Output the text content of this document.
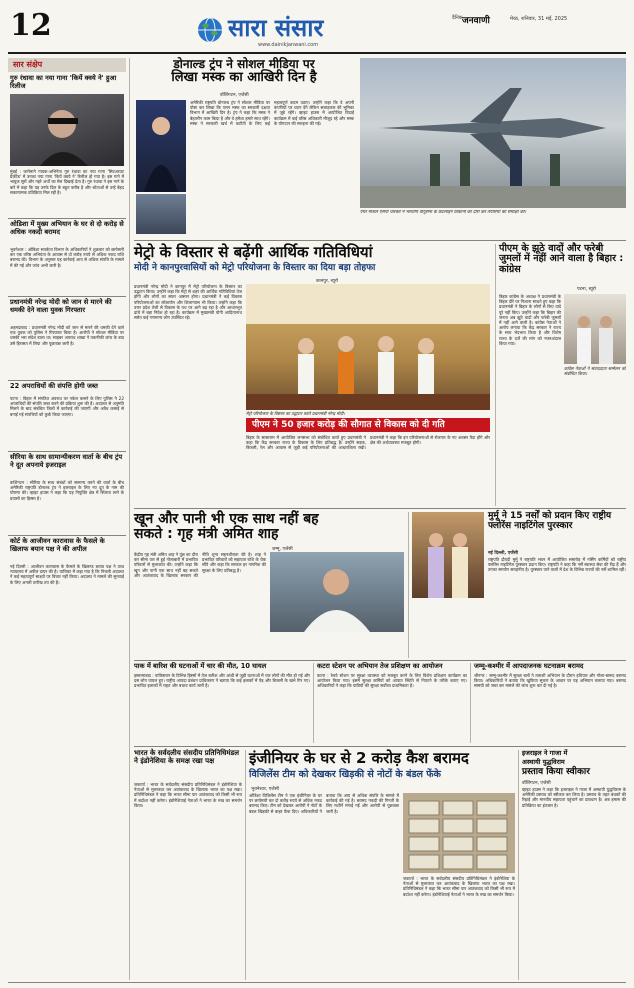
12	सारा संसार
www.dainikjanwani.com
दैनिक जनवाणी	मेरठ, शनिवार, 31 मई, 2025
सार संक्षेप
गुरु रंधावा का नया गाना 'कियें क्वये ने' हुआ रिलीज
मुंबई : जानेमाने गायक-अभिनेता गुरु रंधावा का नया गाना 'सिटअरउट प्रेज़ेंटेड' में उनका नया गाना 'कियें क्वये ने' रिलीज हो गया है। इस गाने में भावुक सुरों और गहरे अर्थों का मेल दिखाई देता है। गुरु रंधावा ने इस गाने के बारे में कहा कि यह उनके दिल के बहुत करीब है और श्रोताओं से उन्हें बेहद सकारात्मक प्रतिक्रिया मिल रही है।
ओडिशा में मुख्य अभियान के घर से दो करोड़ से अधिक नकदी बरामद
भुवनेश्वर : ओडिशा सतर्कता विभाग के अधिकारियों ने शुक्रवार को छापेमारी कर एक वरिष्ठ अभियंता के आवास से दो करोड़ रुपये से अधिक नकद राशि बरामद की। विभाग के अनुसार यह कार्रवाई आय से अधिक संपत्ति के मामले में की गई और जांच अभी जारी है।
प्रधानमंत्री नरेन्द्र मोदी को जान से मारने की धमकी देने वाला युवक गिरफ्तार
अहमदाबाद : प्रधानमंत्री नरेन्द्र मोदी को जान से मारने की धमकी देने वाले एक युवक को पुलिस ने गिरफ्तार किया है। आरोपी ने सोशल मीडिया पर धमकी भरा संदेश डाला था। साइबर अपराध शाखा ने तकनीकी जांच के बाद उसे हिरासत में लिया और पूछताछ जारी है।
22 अपराधियों की संपत्ति होगी जब्त
पटना : बिहार में संगठित अपराध पर नकेल कसने के लिए पुलिस ने 22 अपराधियों की संपत्ति जब्त करने की प्रक्रिया शुरू की है। अदालत से अनुमति मिलने के बाद संबंधित जिलों में कार्रवाई की जाएगी और अवैध कमाई से बनाई गई संपत्तियों को कुर्क किया जाएगा।
सीरिया के साथ सामान्यीकरण वार्ता के बीच ट्रंप ने दूत अपनाये इजराइल
वाशिंगटन : सीरिया के साथ संबंधों को सामान्य करने की वार्ता के बीच अमेरिकी राष्ट्रपति डोनाल्ड ट्रंप ने इजराइल के लिए नए दूत के नाम की घोषणा की। व्हाइट हाउस ने कहा कि यह नियुक्ति क्षेत्र में स्थिरता लाने के प्रयासों का हिस्सा है।
कोर्ट के आजीवन कारावास के फैसले के खिलाफ बयान पक्ष ने की अपील
नई दिल्ली : आजीवन कारावास के फैसले के खिलाफ बचाव पक्ष ने उच्च न्यायालय में अपील दायर की है। याचिका में कहा गया है कि निचली अदालत ने कई महत्वपूर्ण साक्ष्यों पर विचार नहीं किया। अदालत ने मामले की सुनवाई के लिए अगली तारीख तय की है।
डोनाल्ड ट्रंप ने सोशल मीडिया पर
लिखा मस्क का आखिरी दिन है
वॉशिंगटन, एजेंसी
अमेरिकी राष्ट्रपति डोनाल्ड ट्रंप ने सोशल मीडिया पर पोस्ट कर लिखा कि एलन मस्क का सरकारी दक्षता विभाग में आखिरी दिन है। ट्रंप ने कहा कि मस्क ने बेहतरीन काम किया है और वे हमेशा हमारे साथ रहेंगे। मस्क ने सरकारी खर्च में कटौती के लिए कई महत्वपूर्ण कदम उठाए। उन्होंने कहा कि वे अपनी कंपनियों पर ध्यान देंगे लेकिन सलाहकार की भूमिका में जुड़े रहेंगे। व्हाइट हाउस में आयोजित विदाई कार्यक्रम में कई वरिष्ठ अधिकारी मौजूद रहे और मस्क के योगदान की सराहना की गई।
एयर मार्शल एसपी धारकर ने भारतीय वायुसेना के फ्रंटलाइन ठिकानों का दौरा कर तैयारियों की समीक्षा की।
मेट्रो के विस्तार से बढ़ेंगी आर्थिक गतिविधियां
मोदी ने कानपुरवासियों को मेट्रो परियोजना के विस्तार का दिया बड़ा तोहफा
कानपुर, ब्यूरो
प्रधानमंत्री नरेन्द्र मोदी ने कानपुर में मेट्रो परियोजना के विस्तार का उद्घाटन किया। उन्होंने कहा कि मेट्रो से शहर की आर्थिक गतिविधियां तेज होंगी और लोगों का सफर आसान होगा। प्रधानमंत्री ने कई विकास परियोजनाओं का लोकार्पण और शिलान्यास भी किया। उन्होंने कहा कि उत्तर प्रदेश तेजी से विकास के पथ पर आगे बढ़ रहा है और आधारभूत ढांचे में बड़ा निवेश हो रहा है। कार्यक्रम में मुख्यमंत्री योगी आदित्यनाथ समेत कई गणमान्य लोग उपस्थित रहे।
मेट्रो परियोजना के विस्तार का उद्घाटन करते प्रधानमंत्री नरेन्द्र मोदी।
पीएम ने 50 हजार करोड़ की सौगात से विकास को दी गति
बिहार के सासाराम में आयोजित जनसभा को संबोधित करते हुए प्रधानमंत्री ने कहा कि केंद्र सरकार राज्य के विकास के लिए प्रतिबद्ध है। उन्होंने सड़क, बिजली, रेल और आवास से जुड़ी कई परियोजनाओं की आधारशिला रखी। प्रधानमंत्री ने कहा कि इन परियोजनाओं से रोजगार के नए अवसर पैदा होंगे और क्षेत्र की अर्थव्यवस्था मजबूत होगी।
पीएम के झूठे वादों और फरेबी जुमलों में नहीं आने वाला है बिहार : कांग्रेस
पटना, ब्यूरो
बिहार कांग्रेस के अध्यक्ष ने प्रधानमंत्री के बिहार दौरे पर निशाना साधते हुए कहा कि प्रधानमंत्री ने बिहार के लोगों से किए वादे पूरे नहीं किए। उन्होंने कहा कि बिहार की जनता अब झूठे वादों और फरेबी जुमलों में नहीं आने वाली है। कांग्रेस नेताओं ने आरोप लगाया कि केंद्र सरकार ने राज्य के साथ भेदभाव किया है और विशेष राज्य के दर्जे की मांग को नजरअंदाज किया गया।
कांग्रेस नेताओं ने संवाददाता सम्मेलन को संबोधित किया।
खून और पानी भी एक साथ नहीं बह
सकते : गृह मंत्री अमित शाह
जम्मू, एजेंसी
केंद्रीय गृह मंत्री अमित शाह ने पुंछ का दौरा कर सीमा पार से हुई गोलाबारी में प्रभावित परिवारों से मुलाकात की। उन्होंने कहा कि खून और पानी एक साथ नहीं बह सकते और आतंकवाद के खिलाफ सरकार की नीति शून्य सहनशीलता की है। शाह ने प्रभावित परिवारों को सहायता राशि के चेक सौंपे और कहा कि सरकार हर नागरिक की सुरक्षा के लिए प्रतिबद्ध है।
मुर्मू ने 15 नर्सों को प्रदान किए राष्ट्रीय फ्लोरेंस नाइटिंगेल पुरस्कार
नई दिल्ली, एजेंसी
राष्ट्रपति द्रौपदी मुर्मू ने राष्ट्रपति भवन में आयोजित समारोह में नर्सिंग कर्मियों को राष्ट्रीय फ्लोरेंस नाइटिंगेल पुरस्कार प्रदान किए। राष्ट्रपति ने कहा कि नर्सें स्वास्थ्य सेवा की रीढ़ हैं और उनका समर्पण सराहनीय है। पुरस्कार पाने वालों में देश के विभिन्न राज्यों की नर्सें शामिल रहीं।
पाक में बारिश की घटनाओं में चार की मौत, 10 घायल
इस्लामाबाद : पाकिस्तान के विभिन्न हिस्सों में तेज बारिश और आंधी से जुड़ी घटनाओं में चार लोगों की मौत हो गई और दस लोग घायल हुए। राष्ट्रीय आपदा प्रबंधन प्राधिकरण ने बताया कि कई इलाकों में पेड़ और बिजली के खंभे गिर गए। प्रभावित इलाकों में राहत और बचाव कार्य जारी है।
कटरा स्टेशन पर अभियान तेज प्रशिक्षण का आयोजन
कटरा : रेलवे स्टेशन पर सुरक्षा व्यवस्था को मजबूत करने के लिए विशेष प्रशिक्षण कार्यक्रम का आयोजन किया गया। इसमें सुरक्षा कर्मियों को आपात स्थिति से निपटने के तरीके बताए गए। अधिकारियों ने कहा कि यात्रियों की सुरक्षा सर्वोच्च प्राथमिकता है।
जम्मू-कश्मीर में आपदाजनक घटनाक्रम बरामद
श्रीनगर : जम्मू-कश्मीर में सुरक्षा बलों ने तलाशी अभियान के दौरान हथियार और गोला-बारूद बरामद किया। अधिकारियों ने बताया कि खुफिया सूचना के आधार पर यह अभियान चलाया गया। बरामद सामग्री को जब्त कर मामले की जांच शुरू कर दी गई है।
भारत के सर्वदलीय संसदीय प्रतिनिधिमंडल ने इंडोनेशिया के समक्ष रखा पक्ष
जकार्ता : भारत के सर्वदलीय संसदीय प्रतिनिधिमंडल ने इंडोनेशिया के नेताओं से मुलाकात कर आतंकवाद के खिलाफ भारत का पक्ष रखा। प्रतिनिधिमंडल ने कहा कि भारत सीमा पार आतंकवाद को किसी भी रूप में बर्दाश्त नहीं करेगा। इंडोनेशियाई नेताओं ने भारत के रुख का समर्थन किया।
इंजीनियर के घर से 2 करोड़ कैश बरामद
विजिलेंस टीम को देखकर खिड़की से नोटों के बंडल फेंके
भुवनेश्वर, एजेंसी
ओडिशा विजिलेंस टीम ने एक इंजीनियर के घर पर छापेमारी कर दो करोड़ रुपये से अधिक नकद बरामद किए। टीम को देखकर आरोपी ने नोटों के बंडल खिड़की से बाहर फेंक दिए। अधिकारियों ने बताया कि आय से अधिक संपत्ति के मामले में कार्रवाई की गई है। बरामद नकदी की गिनती के लिए मशीनें मंगाई गईं और आरोपी से पूछताछ जारी है।
जकार्ता : भारत के सर्वदलीय संसदीय प्रतिनिधिमंडल ने इंडोनेशिया के नेताओं से मुलाकात कर आतंकवाद के खिलाफ भारत का पक्ष रखा। प्रतिनिधिमंडल ने कहा कि भारत सीमा पार आतंकवाद को किसी भी रूप में बर्दाश्त नहीं करेगा। इंडोनेशियाई नेताओं ने भारत के रुख का समर्थन किया।
इजराइल ने गाजा में
अस्थायी युद्धविराम
प्रस्ताव किया स्वीकार
वॉशिंगटन, एजेंसी
व्हाइट हाउस ने कहा कि इजराइल ने गाजा में अस्थायी युद्धविराम के अमेरिकी प्रस्ताव को स्वीकार कर लिया है। प्रस्ताव के तहत बंधकों की रिहाई और मानवीय सहायता पहुंचाने का प्रावधान है। अब हमास की प्रतिक्रिया का इंतजार है।
